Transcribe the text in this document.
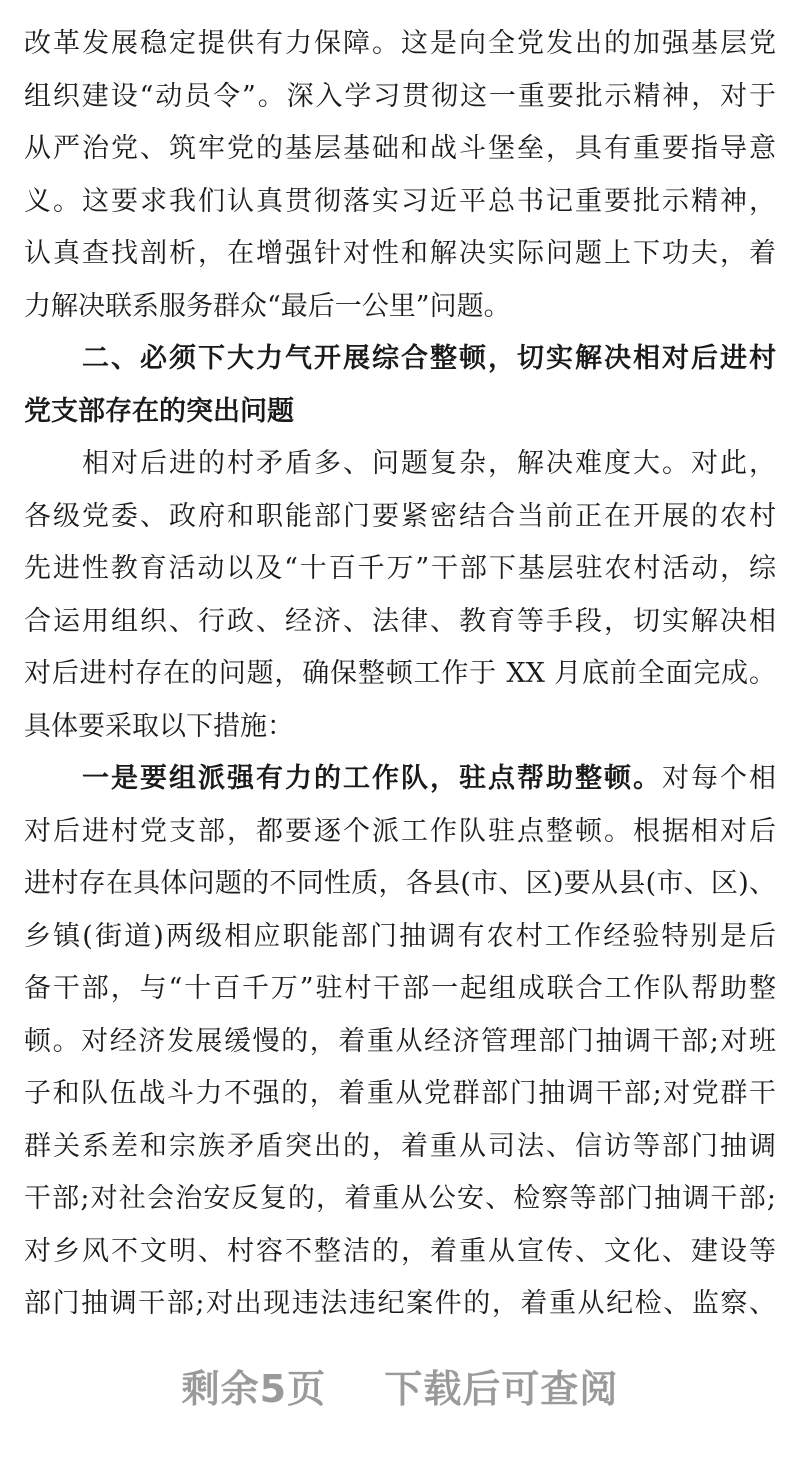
改革发展稳定提供有力保障。这是向全党发出的加强基层党
组织建设“动员令”。深入学习贯彻这一重要批示精神，对于
从严治党、筑牢党的基层基础和战斗堡垒，具有重要指导意
义。这要求我们认真贯彻落实习近平总书记重要批示精神，
认真查找剖析，在增强针对性和解决实际问题上下功夫，着
力解决联系服务群众“最后一公里”问题。
二、必须下大力气开展综合整顿，切实解决相对后进村
党支部存在的突出问题
相对后进的村矛盾多、问题复杂，解决难度大。对此，
各级党委、政府和职能部门要紧密结合当前正在开展的农村
先进性教育活动以及“十百千万”干部下基层驻农村活动，综
合运用组织、行政、经济、法律、教育等手段，切实解决相
对后进村存在的问题，确保整顿工作于 XX 月底前全面完成。
具体要采取以下措施：
一是要组派强有力的工作队，驻点帮助整顿。对每个相
对后进村党支部，都要逐个派工作队驻点整顿。根据相对后
进村存在具体问题的不同性质，各县(市、区)要从县(市、区)、
乡镇(街道)两级相应职能部门抽调有农村工作经验特别是后
备干部，与“十百千万”驻村干部一起组成联合工作队帮助整
顿。对经济发展缓慢的，着重从经济管理部门抽调干部;对班
子和队伍战斗力不强的，着重从党群部门抽调干部;对党群干
群关系差和宗族矛盾突出的，着重从司法、信访等部门抽调
干部;对社会治安反复的，着重从公安、检察等部门抽调干部;
对乡风不文明、村容不整洁的，着重从宣传、文化、建设等
部门抽调干部;对出现违法违纪案件的，着重从纪检、监察、
剩余5页 下载后可查阅
